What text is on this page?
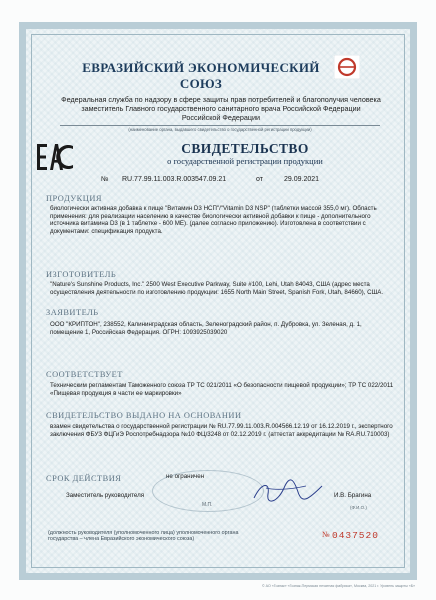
ЕВРАЗИЙСКИЙ ЭКОНОМИЧЕСКИЙ СОЮЗ
Федеральная служба по надзору в сфере защиты прав потребителей и благополучия человека
заместитель Главного государственного санитарного врача Российской Федерации
Российской Федерации
(наименование органа, выдавшего свидетельство о государственной регистрации продукции)
СВИДЕТЕЛЬСТВО
о государственной регистрации продукции
№ RU.77.99.11.003.R.003547.09.21	от	29.09.2021
ПРОДУКЦИЯ
биологически активная добавка к пище "Витамин D3 НСП"/"Vitamin D3 NSP" (таблетки массой 355,0 мг). Область применения: для реализации населению в качестве биологически активной добавки к пище - дополнительного источника витамина D3 (в 1 таблетке - 600 МЕ). (далее согласно приложению). Изготовлена в соответствии с документами: спецификация продукта.
ИЗГОТОВИТЕЛЬ
"Nature's Sunshine Products, Inc." 2500 West Executive Parkway, Suite #100, Lehi, Utah 84043, США (адрес места осуществления деятельности по изготовлению продукции: 1655 North Main Street, Spanish Fork, Utah, 84660), США.
ЗАЯВИТЕЛЬ
ООО "КРИПТОН", 238552, Калининградская область, Зеленоградский район, п. Дубровка, ул. Зеленая, д. 1, помещение 1, Российская Федерация. ОГРН: 1093925039020
СООТВЕТСТВУЕТ
Техническим регламентам Таможенного союза ТР ТС 021/2011 «О безопасности пищевой продукции»; ТР ТС 022/2011 «Пищевая продукция в части ее маркировки»
СВИДЕТЕЛЬСТВО ВЫДАНО НА ОСНОВАНИИ
взамен свидетельства о государственной регистрации № RU.77.99.11.003.R.004566.12.19 от 16.12.2019 г., экспертного заключения ФБУЗ ФЦГиЭ Роспотребнадзора №10 ФЦ/3248 от 02.12.2019 г. (аттестат аккредитации № RA.RU.710003)
СРОК ДЕЙСТВИЯ	не ограничен
Заместитель руководителя
М.П.
И.В. Брагина
(Ф.И.О.)
(должность руководителя (уполномоченного лица) уполномоченного органа государства – члена Евразийского экономического союза)
№ 0437520
© АО «Гознак» «Гознак-Пермская печатная фабрика», Москва, 2021 г. Уровень защиты «Б»
